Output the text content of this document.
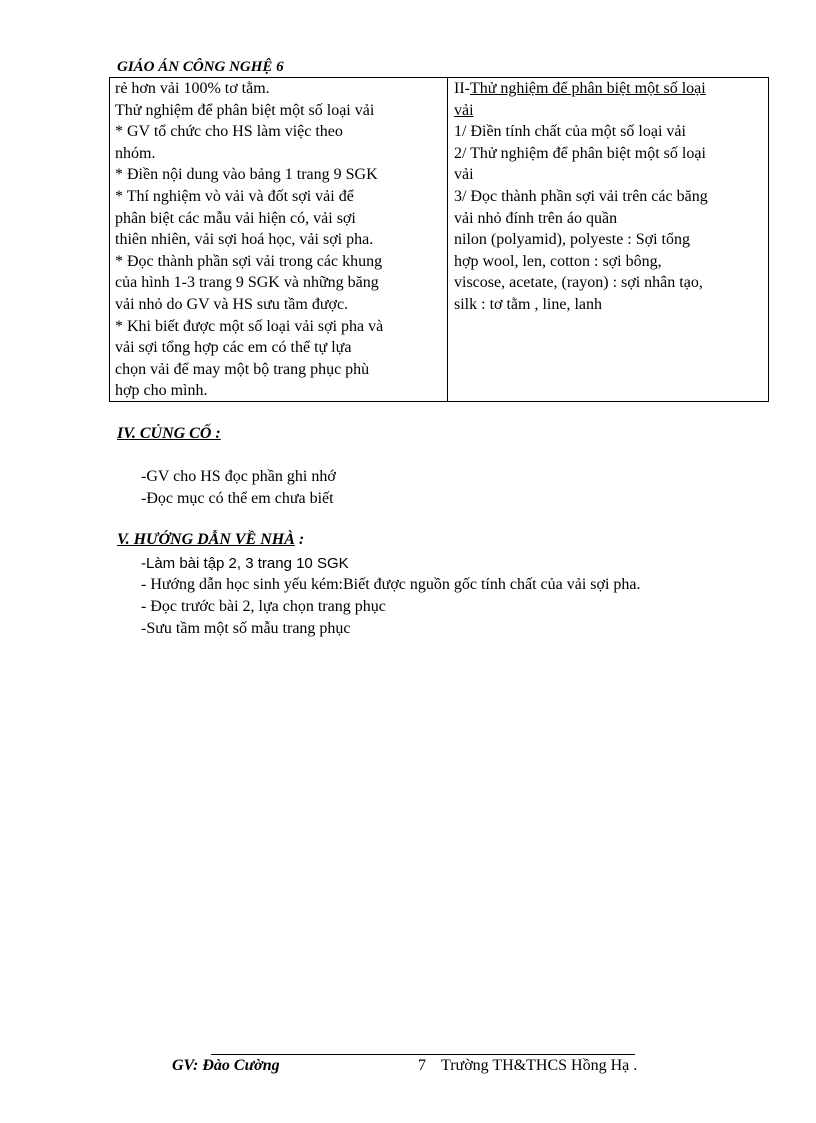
GIÁO ÁN CÔNG NGHỆ 6
rẻ hơn vải 100% tơ tằm.
Thử nghiệm để phân biệt một số loại vải
* GV tổ chức cho HS làm việc theo
nhóm.
* Điền nội dung vào bảng 1 trang 9 SGK
* Thí nghiệm vò vải và đốt sợi vải để
phân biệt các mẫu vải hiện có, vải sợi
thiên nhiên, vải sợi hoá học, vải sợi pha.
* Đọc thành phần sợi vải trong các khung
của hình 1-3 trang 9 SGK và những băng
vải nhỏ do GV và HS sưu tầm được.
* Khi biết được một số loại vải sợi pha và
vải sợi tổng hợp các em có thể tự lựa
chọn vải để may một bộ trang phục phù
hợp cho mình.
II-Thử nghiệm để phân biệt một số loại
vải
1/ Điền tính chất của một số loại vải
2/ Thử nghiệm để phân biệt một số loại
vải
3/ Đọc thành phần sợi vải trên các băng
vải nhỏ đính trên áo quần
nilon (polyamid), polyeste : Sợi tổng
hợp wool, len, cotton : sợi bông,
viscose, acetate, (rayon) : sợi nhân tạo,
silk : tơ tằm , line, lanh
IV. CỦNG CỐ :
-GV cho HS đọc phần ghi nhớ
-Đọc mục có thể em chưa biết
V. HƯỚNG DẪN VỀ NHÀ :
-Làm bài tập 2, 3 trang 10 SGK
- Hướng dẫn học sinh yếu kém:Biết được nguồn gốc tính chất của vải sợi pha.
- Đọc trước bài 2, lựa chọn trang phục
-Sưu tầm một số mẫu trang phục
GV: Đào Cường	7 Trường TH&THCS Hồng Hạ .
